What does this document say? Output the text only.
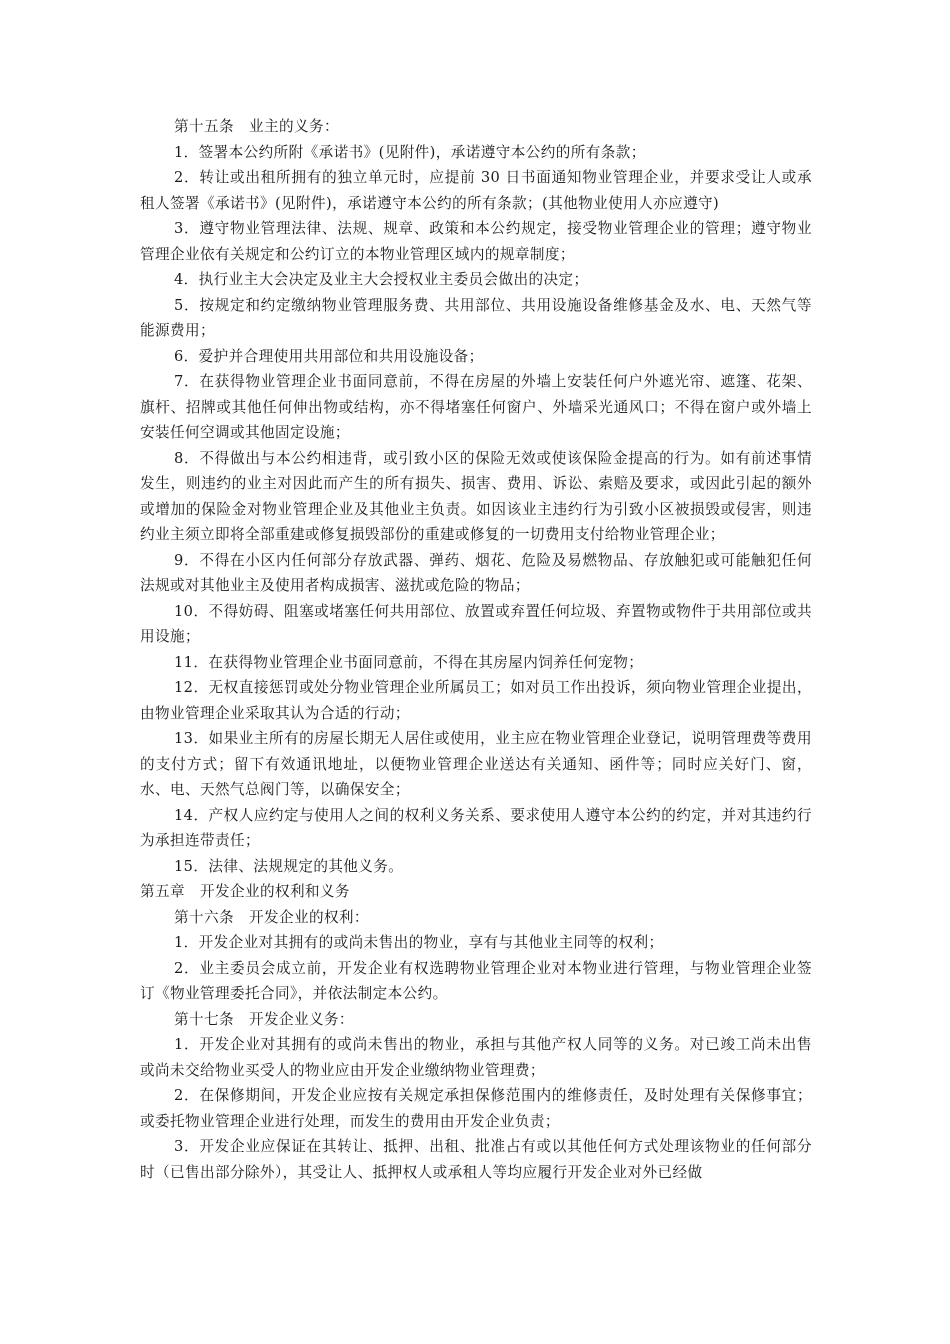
第十五条　业主的义务：

1．签署本公约所附《承诺书》(见附件)，承诺遵守本公约的所有条款；

2．转让或出租所拥有的独立单元时，应提前 30 日书面通知物业管理企业，并要求受让人或承租人签署《承诺书》(见附件)，承诺遵守本公约的所有条款；(其他物业使用人亦应遵守)

3．遵守物业管理法律、法规、规章、政策和本公约规定，接受物业管理企业的管理；遵守物业管理企业依有关规定和公约订立的本物业管理区域内的规章制度；

4．执行业主大会决定及业主大会授权业主委员会做出的决定；

5．按规定和约定缴纳物业管理服务费、共用部位、共用设施设备维修基金及水、电、天然气等能源费用；

6．爱护并合理使用共用部位和共用设施设备；

7．在获得物业管理企业书面同意前，不得在房屋的外墙上安装任何户外遮光帘、遮篷、花架、旗杆、招牌或其他任何伸出物或结构，亦不得堵塞任何窗户、外墙采光通风口；不得在窗户或外墙上安装任何空调或其他固定设施；

8．不得做出与本公约相违背，或引致小区的保险无效或使该保险金提高的行为。如有前述事情发生，则违约的业主对因此而产生的所有损失、损害、费用、诉讼、索赔及要求，或因此引起的额外或增加的保险金对物业管理企业及其他业主负责。如因该业主违约行为引致小区被损毁或侵害，则违约业主须立即将全部重建或修复损毁部份的重建或修复的一切费用支付给物业管理企业；

9．不得在小区内任何部分存放武器、弹药、烟花、危险及易燃物品、存放触犯或可能触犯任何法规或对其他业主及使用者构成损害、滋扰或危险的物品；

10．不得妨碍、阻塞或堵塞任何共用部位、放置或弃置任何垃圾、弃置物或物件于共用部位或共用设施；

11．在获得物业管理企业书面同意前，不得在其房屋内饲养任何宠物；

12．无权直接惩罚或处分物业管理企业所属员工；如对员工作出投诉，须向物业管理企业提出，由物业管理企业采取其认为合适的行动；

13．如果业主所有的房屋长期无人居住或使用，业主应在物业管理企业登记，说明管理费等费用的支付方式；留下有效通讯地址，以便物业管理企业送达有关通知、函件等；同时应关好门、窗，水、电、天然气总阀门等，以确保安全；

14．产权人应约定与使用人之间的权利义务关系、要求使用人遵守本公约的约定，并对其违约行为承担连带责任；

15．法律、法规规定的其他义务。

第五章　开发企业的权利和义务

第十六条　开发企业的权利：

1．开发企业对其拥有的或尚未售出的物业，享有与其他业主同等的权利；

2．业主委员会成立前，开发企业有权选聘物业管理企业对本物业进行管理，与物业管理企业签订《物业管理委托合同》，并依法制定本公约。

第十七条　开发企业义务：

1．开发企业对其拥有的或尚未售出的物业，承担与其他产权人同等的义务。对已竣工尚未出售或尚未交给物业买受人的物业应由开发企业缴纳物业管理费；

2．在保修期间，开发企业应按有关规定承担保修范围内的维修责任，及时处理有关保修事宜；或委托物业管理企业进行处理，而发生的费用由开发企业负责；

3．开发企业应保证在其转让、抵押、出租、批准占有或以其他任何方式处理该物业的任何部分时（已售出部分除外），其受让人、抵押权人或承租人等均应履行开发企业对外已经做
